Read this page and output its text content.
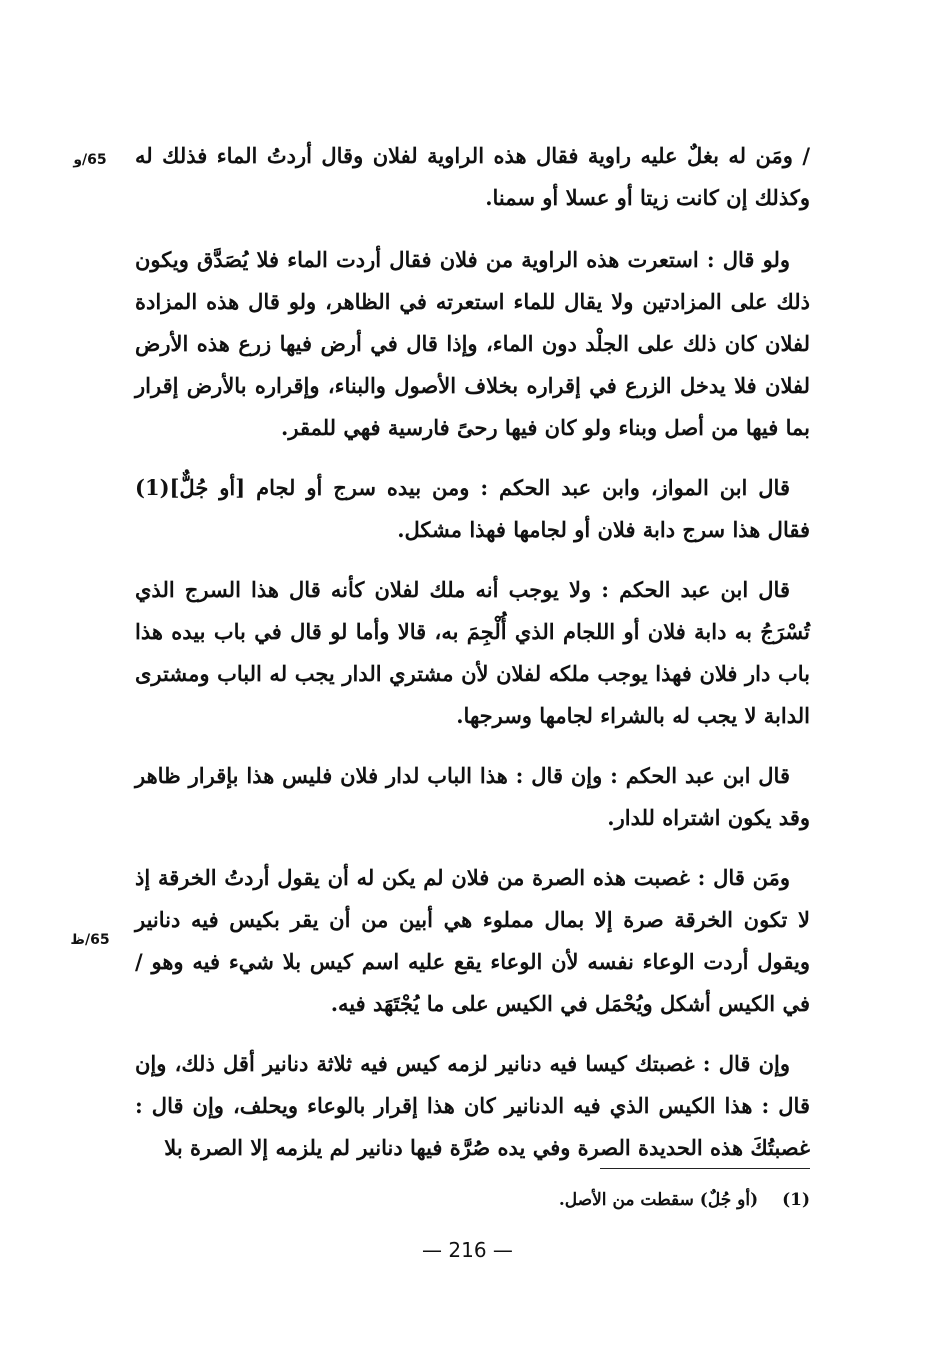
65/و
65/ظ

/ ومَن له بغلٌ عليه راوية فقال هذه الراوية لفلان وقال أردتُ الماء فذلك له وكذلك إن كانت زيتا أو عسلا أو سمنا.

ولو قال : استعرت هذه الراوية من فلان فقال أردت الماء فلا يُصَدَّق ويكون ذلك على المزادتين ولا يقال للماء استعرته في الظاهر، ولو قال هذه المزادة لفلان كان ذلك على الجلْد دون الماء، وإذا قال في أرض فيها زرع هذه الأرض لفلان فلا يدخل الزرع في إقراره بخلاف الأصول والبناء، وإقراره بالأرض إقرار بما فيها من أصل وبناء ولو كان فيها رحىً فارسية فهي للمقر.

قال ابن المواز، وابن عبد الحكم : ومن بيده سرج أو لجام [أو جُلٌّ](1) فقال هذا سرج دابة فلان أو لجامها فهذا مشكل.

قال ابن عبد الحكم : ولا يوجب أنه ملك لفلان كأنه قال هذا السرج الذي تُسْرَجُ به دابة فلان أو اللجام الذي أُلْجِمَ به، قالا وأما لو قال في باب بيده هذا باب دار فلان فهذا يوجب ملكه لفلان لأن مشتري الدار يجب له الباب ومشترى الدابة لا يجب له بالشراء لجامها وسرجها.

قال ابن عبد الحكم : وإن قال : هذا الباب لدار فلان فليس هذا بإقرار ظاهر وقد يكون اشتراه للدار.

ومَن قال : غصبت هذه الصرة من فلان لم يكن له أن يقول أردتُ الخرقة إذ لا تكون الخرقة صرة إلا بمال مملوء هي أبين من أن يقر بكيس فيه دنانير ويقول أردت الوعاء نفسه لأن الوعاء يقع عليه اسم كيس بلا شيء فيه وهو / في الكيس أشكل ويُحْمَل في الكيس على ما يُجْتَهَد فيه.

وإن قال : غصبتك كيسا فيه دنانير لزمه كيس فيه ثلاثة دنانير أقل ذلك، وإن قال : هذا الكيس الذي فيه الدنانير كان هذا إقرار بالوعاء ويحلف، وإن قال : غصبتُكَ هذه الحديدة الصرة وفي يده صُرَّة فيها دنانير لم يلزمه إلا الصرة بلا

(1) (أو جُلٌ) سقطت من الأصل.
— 216 —
